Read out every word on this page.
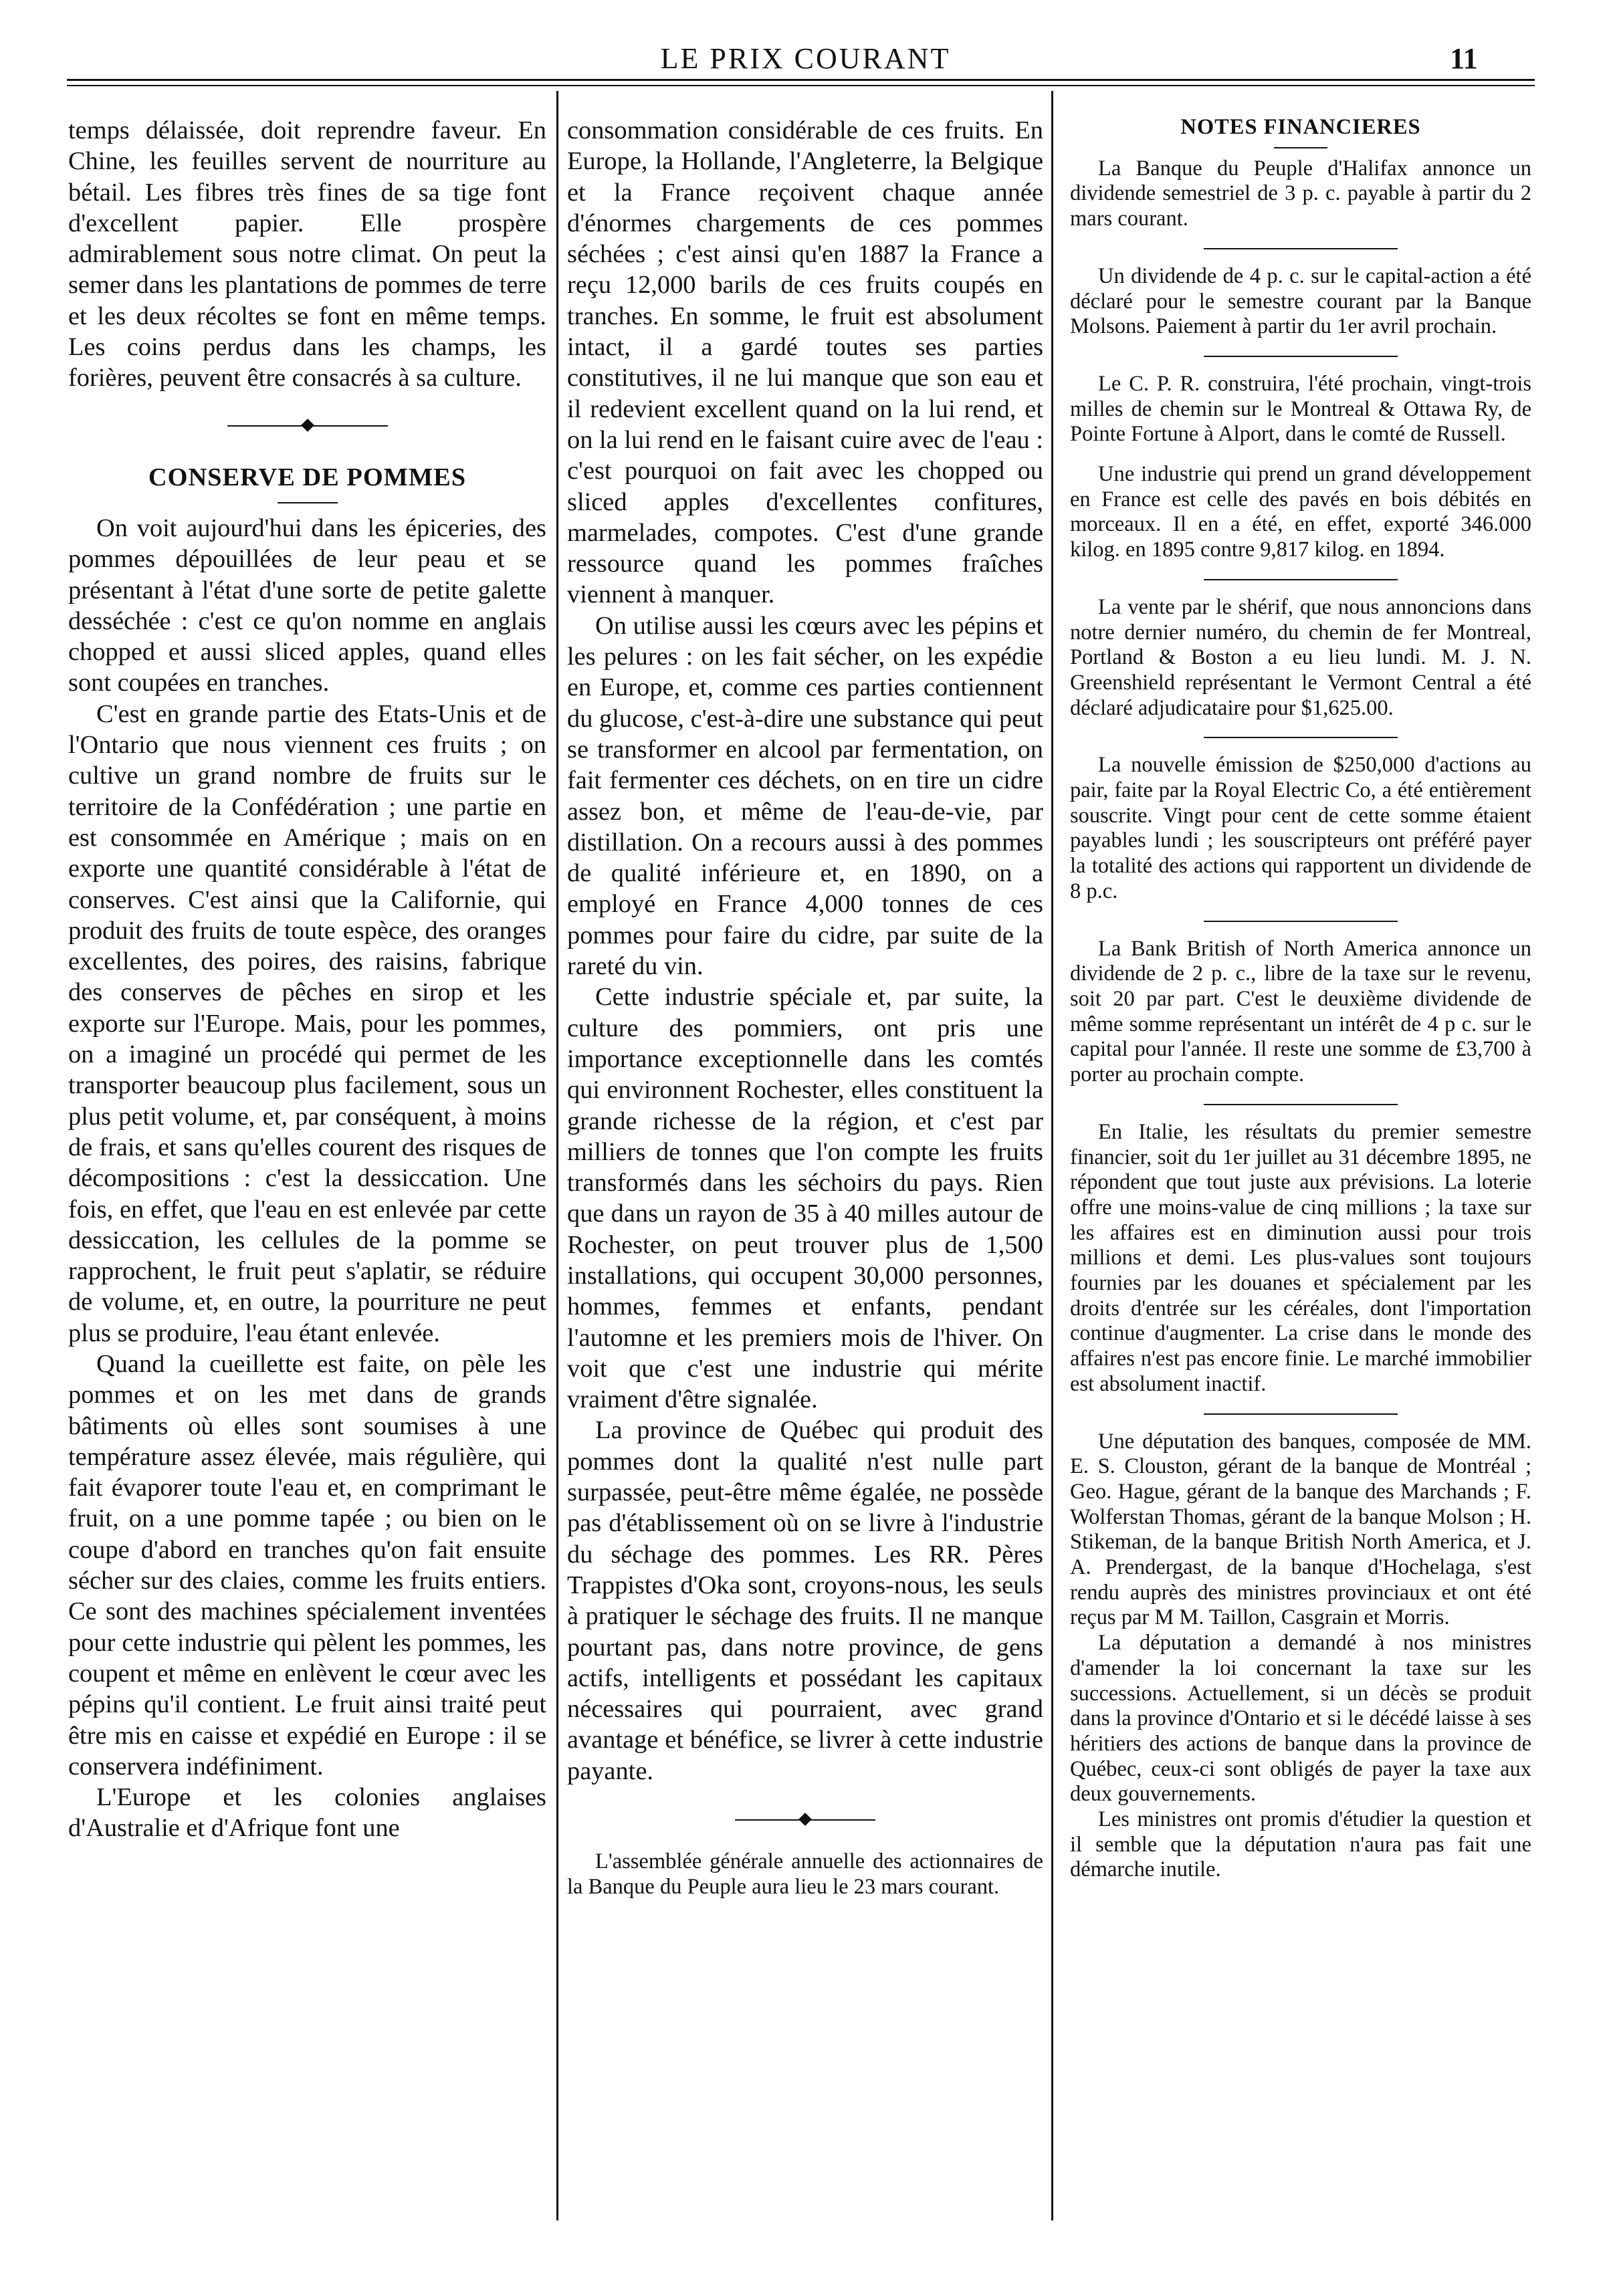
LE PRIX COURANT	11

temps délaissée, doit reprendre faveur. En Chine, les feuilles servent de nourriture au bétail. Les fibres très fines de sa tige font d'excellent papier. Elle prospère admirablement sous notre climat. On peut la semer dans les plantations de pommes de terre et les deux récoltes se font en même temps. Les coins perdus dans les champs, les forières, peuvent être consacrés à sa culture.

CONSERVE DE POMMES

On voit aujourd'hui dans les épiceries, des pommes dépouillées de leur peau et se présentant à l'état d'une sorte de petite galette desséchée : c'est ce qu'on nomme en anglais chopped et aussi sliced apples, quand elles sont coupées en tranches.

C'est en grande partie des Etats-Unis et de l'Ontario que nous viennent ces fruits ; on cultive un grand nombre de fruits sur le territoire de la Confédération ; une partie en est consommée en Amérique ; mais on en exporte une quantité considérable à l'état de conserves. C'est ainsi que la Californie, qui produit des fruits de toute espèce, des oranges excellentes, des poires, des raisins, fabrique des conserves de pêches en sirop et les exporte sur l'Europe. Mais, pour les pommes, on a imaginé un procédé qui permet de les transporter beaucoup plus facilement, sous un plus petit volume, et, par conséquent, à moins de frais, et sans qu'elles courent des risques de décompositions : c'est la dessiccation. Une fois, en effet, que l'eau en est enlevée par cette dessiccation, les cellules de la pomme se rapprochent, le fruit peut s'aplatir, se réduire de volume, et, en outre, la pourriture ne peut plus se produire, l'eau étant enlevée.

Quand la cueillette est faite, on pèle les pommes et on les met dans de grands bâtiments où elles sont soumises à une température assez élevée, mais régulière, qui fait évaporer toute l'eau et, en comprimant le fruit, on a une pomme tapée ; ou bien on le coupe d'abord en tranches qu'on fait ensuite sécher sur des claies, comme les fruits entiers. Ce sont des machines spécialement inventées pour cette industrie qui pèlent les pommes, les coupent et même en enlèvent le cœur avec les pépins qu'il contient. Le fruit ainsi traité peut être mis en caisse et expédié en Europe : il se conservera indéfiniment.

L'Europe et les colonies anglaises d'Australie et d'Afrique font une

consommation considérable de ces fruits. En Europe, la Hollande, l'Angleterre, la Belgique et la France reçoivent chaque année d'énormes chargements de ces pommes séchées ; c'est ainsi qu'en 1887 la France a reçu 12,000 barils de ces fruits coupés en tranches. En somme, le fruit est absolument intact, il a gardé toutes ses parties constitutives, il ne lui manque que son eau et il redevient excellent quand on la lui rend, et on la lui rend en le faisant cuire avec de l'eau : c'est pourquoi on fait avec les chopped ou sliced apples d'excellentes confitures, marmelades, compotes. C'est d'une grande ressource quand les pommes fraîches viennent à manquer.

On utilise aussi les cœurs avec les pépins et les pelures : on les fait sécher, on les expédie en Europe, et, comme ces parties contiennent du glucose, c'est-à-dire une substance qui peut se transformer en alcool par fermentation, on fait fermenter ces déchets, on en tire un cidre assez bon, et même de l'eau-de-vie, par distillation. On a recours aussi à des pommes de qualité inférieure et, en 1890, on a employé en France 4,000 tonnes de ces pommes pour faire du cidre, par suite de la rareté du vin.

Cette industrie spéciale et, par suite, la culture des pommiers, ont pris une importance exceptionnelle dans les comtés qui environnent Rochester, elles constituent la grande richesse de la région, et c'est par milliers de tonnes que l'on compte les fruits transformés dans les séchoirs du pays. Rien que dans un rayon de 35 à 40 milles autour de Rochester, on peut trouver plus de 1,500 installations, qui occupent 30,000 personnes, hommes, femmes et enfants, pendant l'automne et les premiers mois de l'hiver. On voit que c'est une industrie qui mérite vraiment d'être signalée.

La province de Québec qui produit des pommes dont la qualité n'est nulle part surpassée, peut-être même égalée, ne possède pas d'établissement où on se livre à l'industrie du séchage des pommes. Les RR. Pères Trappistes d'Oka sont, croyons-nous, les seuls à pratiquer le séchage des fruits. Il ne manque pourtant pas, dans notre province, de gens actifs, intelligents et possédant les capitaux nécessaires qui pourraient, avec grand avantage et bénéfice, se livrer à cette industrie payante.

L'assemblée générale annuelle des actionnaires de la Banque du Peuple aura lieu le 23 mars courant.

NOTES FINANCIERES

La Banque du Peuple d'Halifax annonce un dividende semestriel de 3 p. c. payable à partir du 2 mars courant.

Un dividende de 4 p. c. sur le capital-action a été déclaré pour le semestre courant par la Banque Molsons. Paiement à partir du 1er avril prochain.

Le C. P. R. construira, l'été prochain, vingt-trois milles de chemin sur le Montreal & Ottawa Ry, de Pointe Fortune à Alport, dans le comté de Russell.

Une industrie qui prend un grand développement en France est celle des pavés en bois débités en morceaux. Il en a été, en effet, exporté 346.000 kilog. en 1895 contre 9,817 kilog. en 1894.

La vente par le shérif, que nous annoncions dans notre dernier numéro, du chemin de fer Montreal, Portland & Boston a eu lieu lundi. M. J. N. Greenshield représentant le Vermont Central a été déclaré adjudicataire pour $1,625.00.

La nouvelle émission de $250,000 d'actions au pair, faite par la Royal Electric Co, a été entièrement souscrite. Vingt pour cent de cette somme étaient payables lundi ; les souscripteurs ont préféré payer la totalité des actions qui rapportent un dividende de 8 p.c.

La Bank British of North America annonce un dividende de 2 p. c., libre de la taxe sur le revenu, soit 20 par part. C'est le deuxième dividende de même somme représentant un intérêt de 4 p c. sur le capital pour l'année. Il reste une somme de £3,700 à porter au prochain compte.

En Italie, les résultats du premier semestre financier, soit du 1er juillet au 31 décembre 1895, ne répondent que tout juste aux prévisions. La loterie offre une moins-value de cinq millions ; la taxe sur les affaires est en diminution aussi pour trois millions et demi. Les plus-values sont toujours fournies par les douanes et spécialement par les droits d'entrée sur les céréales, dont l'importation continue d'augmenter. La crise dans le monde des affaires n'est pas encore finie. Le marché immobilier est absolument inactif.

Une députation des banques, composée de MM. E. S. Clouston, gérant de la banque de Montréal ; Geo. Hague, gérant de la banque des Marchands ; F. Wolferstan Thomas, gérant de la banque Molson ; H. Stikeman, de la banque British North America, et J. A. Prendergast, de la banque d'Hochelaga, s'est rendu auprès des ministres provinciaux et ont été reçus par M M. Taillon, Casgrain et Morris.

La députation a demandé à nos ministres d'amender la loi concernant la taxe sur les successions. Actuellement, si un décès se produit dans la province d'Ontario et si le décédé laisse à ses héritiers des actions de banque dans la province de Québec, ceux-ci sont obligés de payer la taxe aux deux gouvernements.

Les ministres ont promis d'étudier la question et il semble que la députation n'aura pas fait une démarche inutile.
